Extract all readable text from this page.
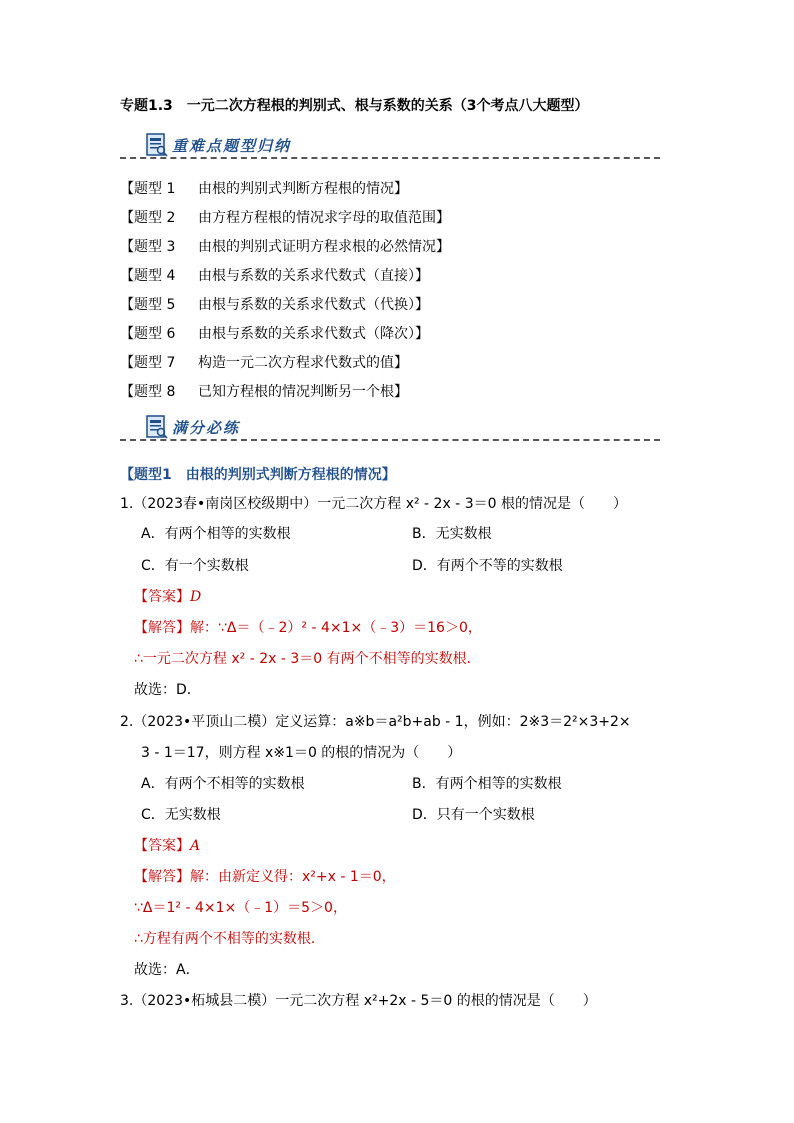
专题1.3　一元二次方程根的判别式、根与系数的关系（3个考点八大题型）
重难点题型归纳
【题型 1 由根的判别式判断方程根的情况】
【题型 2 由方程方程根的情况求字母的取值范围】
【题型 3 由根的判别式证明方程求根的必然情况】
【题型 4 由根与系数的关系求代数式（直接）】
【题型 5 由根与系数的关系求代数式（代换）】
【题型 6 由根与系数的关系求代数式（降次）】
【题型 7 构造一元二次方程求代数式的值】
【题型 8 已知方程根的情况判断另一个根】
满分必练
【题型1　由根的判别式判断方程根的情况】
1.（2023春•南岗区校级期中）一元二次方程 x² - 2x - 3＝0 根的情况是（　　）
A．有两个相等的实数根	B．无实数根
C．有一个实数根	D．有两个不等的实数根
【答案】D
【解答】解：∵Δ＝（﹣2）² - 4×1×（﹣3）＝16＞0，
∴一元二次方程 x² - 2x - 3＝0 有两个不相等的实数根．
故选：D．
2.（2023•平顶山二模）定义运算：a※b＝a²b+ab - 1，例如：2※3＝2²×3+2×
3 - 1＝17，则方程 x※1＝0 的根的情况为（　　）
A．有两个不相等的实数根	B．有两个相等的实数根
C．无实数根	D．只有一个实数根
【答案】A
【解答】解：由新定义得：x²+x - 1＝0，
∵Δ＝1² - 4×1×（﹣1）＝5＞0，
∴方程有两个不相等的实数根．
故选：A．
3.（2023•柘城县二模）一元二次方程 x²+2x - 5＝0 的根的情况是（　　）
